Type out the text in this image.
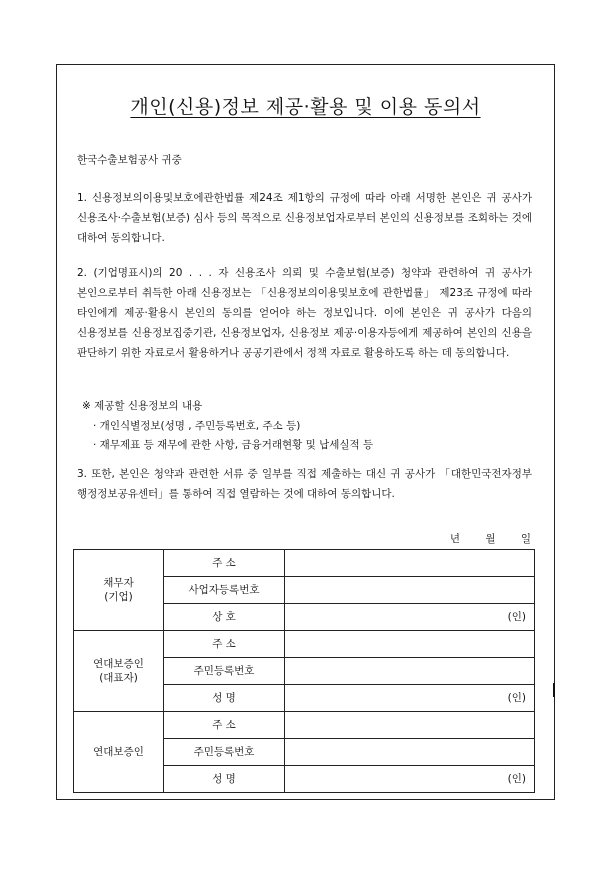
개인(신용)정보 제공·활용 및 이용 동의서
한국수출보험공사 귀중
1. 신용정보의이용및보호에관한법률 제24조 제1항의 규정에 따라 아래 서명한 본인은 귀 공사가 신용조사·수출보험(보증) 심사 등의 목적으로 신용정보업자로부터 본인의 신용정보를 조회하는 것에 대하여 동의합니다.
2. (기업명표시)의 20 . . . 자 신용조사 의뢰 및 수출보험(보증) 청약과 관련하여 귀 공사가 본인으로부터 취득한 아래 신용정보는 「신용정보의이용및보호에 관한법률」 제23조 규정에 따라 타인에게 제공·활용시 본인의 동의를 얻어야 하는 정보입니다. 이에 본인은 귀 공사가 다음의 신용정보를 신용정보집중기관, 신용정보업자, 신용정보 제공·이용자등에게 제공하여 본인의 신용을 판단하기 위한 자료로서 활용하거나 공공기관에서 정책 자료로 활용하도록 하는 데 동의합니다.
※ 제공할 신용정보의 내용
· 개인식별정보(성명 , 주민등록번호, 주소 등)
· 재무제표 등 재무에 관한 사항, 금융거래현황 및 납세실적 등
3. 또한, 본인은 청약과 관련한 서류 중 일부를 직접 제출하는 대신 귀 공사가 「대한민국전자정부 행정정보공유센터」를 통하여 직접 열람하는 것에 대하여 동의합니다.
년 월 일
채무자
(기업)	주 소	
	사업자등록번호	
	상 호	(인)

연대보증인
(대표자)	주 소	
	주민등록번호	
	성 명	(인)

연대보증인	주 소	
	주민등록번호	
	성 명	(인)
